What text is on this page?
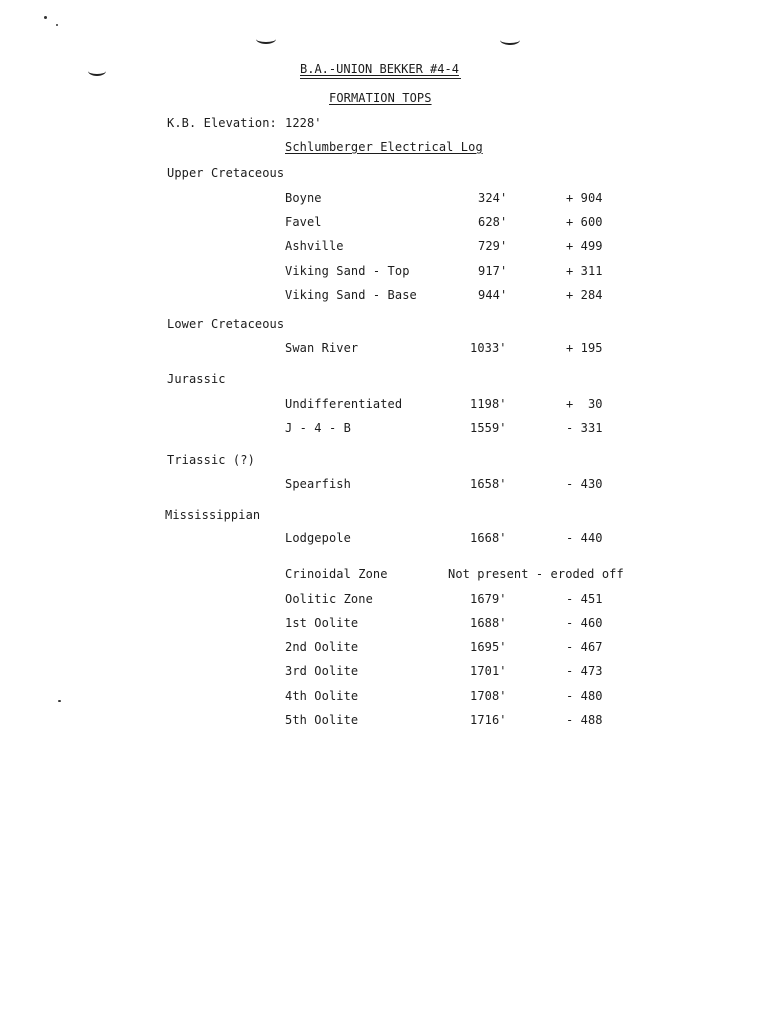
B.A.-UNION BEKKER #4-4
FORMATION TOPS
K.B. Elevation: 1228'
Schlumberger Electrical Log
Upper Cretaceous
Boyne	324'	+ 904
Favel	628'	+ 600
Ashville	729'	+ 499
Viking Sand - Top	917'	+ 311
Viking Sand - Base	944'	+ 284
Lower Cretaceous
Swan River	1033'	+ 195
Jurassic
Undifferentiated	1198'	+  30
J - 4 - B	1559'	- 331
Triassic (?)
Spearfish	1658'	- 430
Mississippian
Lodgepole	1668'	- 440
Crinoidal Zone	Not present - eroded off
Oolitic Zone	1679'	- 451
1st Oolite	1688'	- 460
2nd Oolite	1695'	- 467
3rd Oolite	1701'	- 473
4th Oolite	1708'	- 480
5th Oolite	1716'	- 488
